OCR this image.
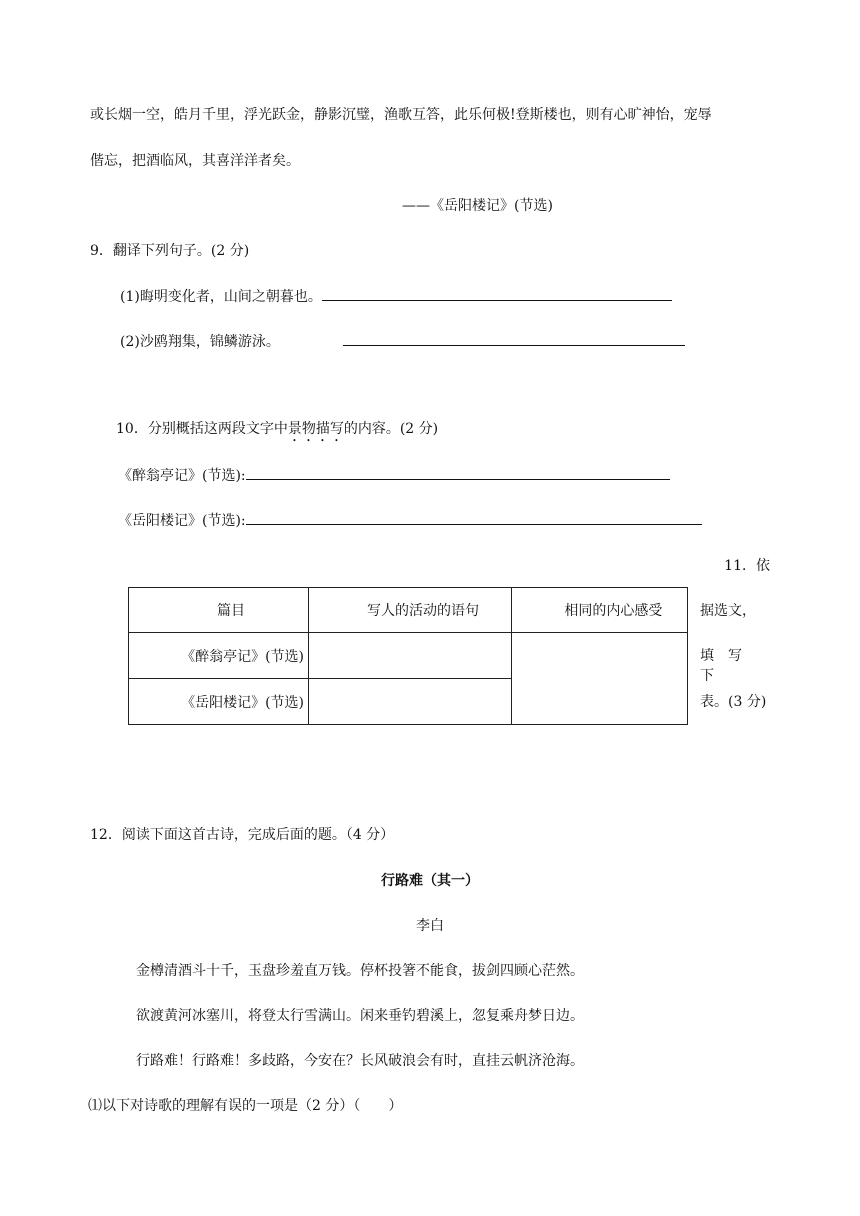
或长烟一空，皓月千里，浮光跃金，静影沉璧，渔歌互答，此乐何极!登斯楼也，则有心旷神怡，宠辱
偕忘，把酒临风，其喜洋洋者矣。
——《岳阳楼记》(节选)
9．翻译下列句子。(2 分)
(1)晦明变化者，山间之朝暮也。
(2)沙鸥翔集，锦鳞游泳。
10．分别概括这两段文字中景物描写的内容。(2 分)
《醉翁亭记》(节选):
《岳阳楼记》(节选):
11．依
据选文，
填写下
表。(3 分)
篇目	写人的活动的语句	相同的内心感受

《醉翁亭记》(节选)		
《岳阳楼记》(节选)		
12．阅读下面这首古诗，完成后面的题。（4 分）
行路难（其一）
李白
金樽清酒斗十千，玉盘珍羞直万钱。停杯投箸不能食，拔剑四顾心茫然。
欲渡黄河冰塞川，将登太行雪满山。闲来垂钓碧溪上，忽复乘舟梦日边。
行路难！行路难！多歧路，今安在？长风破浪会有时，直挂云帆济沧海。
⑴以下对诗歌的理解有误的一项是（2 分）（　　）
